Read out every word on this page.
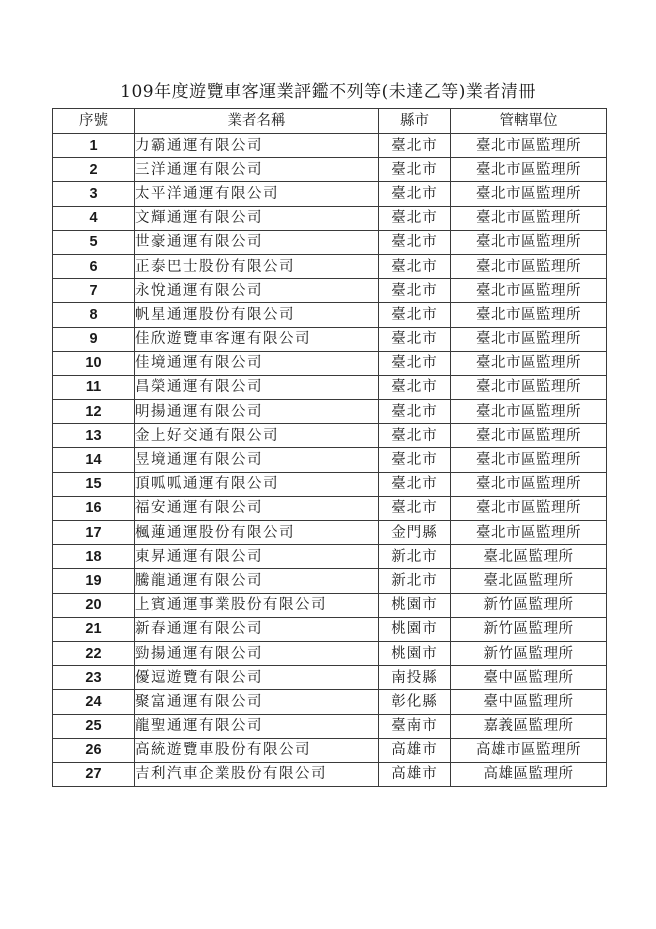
109年度遊覽車客運業評鑑不列等(未達乙等)業者清冊
序號	業者名稱	縣市	管轄單位
1	力霸通運有限公司	臺北市	臺北市區監理所
2	三洋通運有限公司	臺北市	臺北市區監理所
3	太平洋通運有限公司	臺北市	臺北市區監理所
4	文輝通運有限公司	臺北市	臺北市區監理所
5	世豪通運有限公司	臺北市	臺北市區監理所
6	正泰巴士股份有限公司	臺北市	臺北市區監理所
7	永悅通運有限公司	臺北市	臺北市區監理所
8	帆星通運股份有限公司	臺北市	臺北市區監理所
9	佳欣遊覽車客運有限公司	臺北市	臺北市區監理所
10	佳境通運有限公司	臺北市	臺北市區監理所
11	昌榮通運有限公司	臺北市	臺北市區監理所
12	明揚通運有限公司	臺北市	臺北市區監理所
13	金上好交通有限公司	臺北市	臺北市區監理所
14	昱境通運有限公司	臺北市	臺北市區監理所
15	頂呱呱通運有限公司	臺北市	臺北市區監理所
16	福安通運有限公司	臺北市	臺北市區監理所
17	楓蓮通運股份有限公司	金門縣	臺北市區監理所
18	東昇通運有限公司	新北市	臺北區監理所
19	騰龍通運有限公司	新北市	臺北區監理所
20	上賓通運事業股份有限公司	桃園市	新竹區監理所
21	新春通運有限公司	桃園市	新竹區監理所
22	勁揚通運有限公司	桃園市	新竹區監理所
23	優逗遊覽有限公司	南投縣	臺中區監理所
24	聚富通運有限公司	彰化縣	臺中區監理所
25	龍聖通運有限公司	臺南市	嘉義區監理所
26	高統遊覽車股份有限公司	高雄市	高雄市區監理所
27	吉利汽車企業股份有限公司	高雄市	高雄區監理所
